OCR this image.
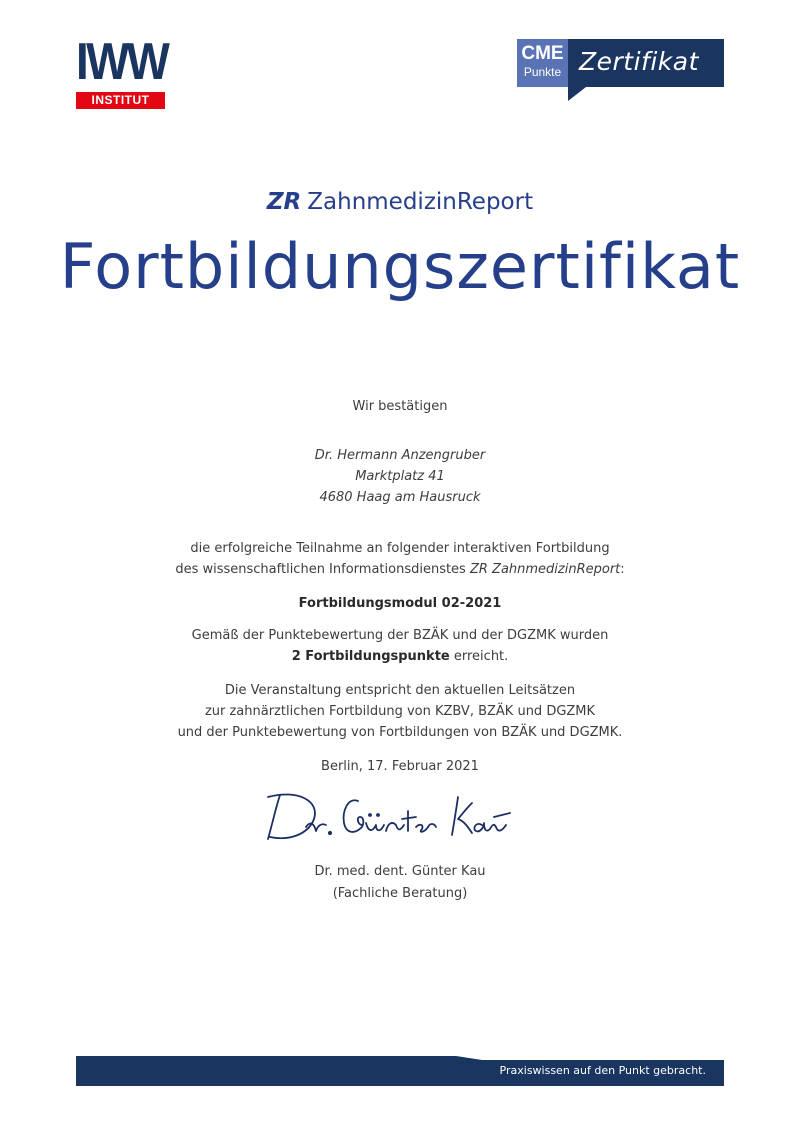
IWW
INSTITUT
CME
Punkte Zertifikat
ZR ZahnmedizinReport
Fortbildungszertifikat
Wir bestätigen
Dr. Hermann Anzengruber
Marktplatz 41
4680 Haag am Hausruck
die erfolgreiche Teilnahme an folgender interaktiven Fortbildung
des wissenschaftlichen Informationsdienstes ZR ZahnmedizinReport:
Fortbildungsmodul 02-2021
Gemäß der Punktebewertung der BZÄK und der DGZMK wurden
2 Fortbildungspunkte erreicht.
Die Veranstaltung entspricht den aktuellen Leitsätzen
zur zahnärztlichen Fortbildung von KZBV, BZÄK und DGZMK
und der Punktebewertung von Fortbildungen von BZÄK und DGZMK.
Berlin, 17. Februar 2021
Dr. med. dent. Günter Kau
(Fachliche Beratung)
Praxiswissen auf den Punkt gebracht.
